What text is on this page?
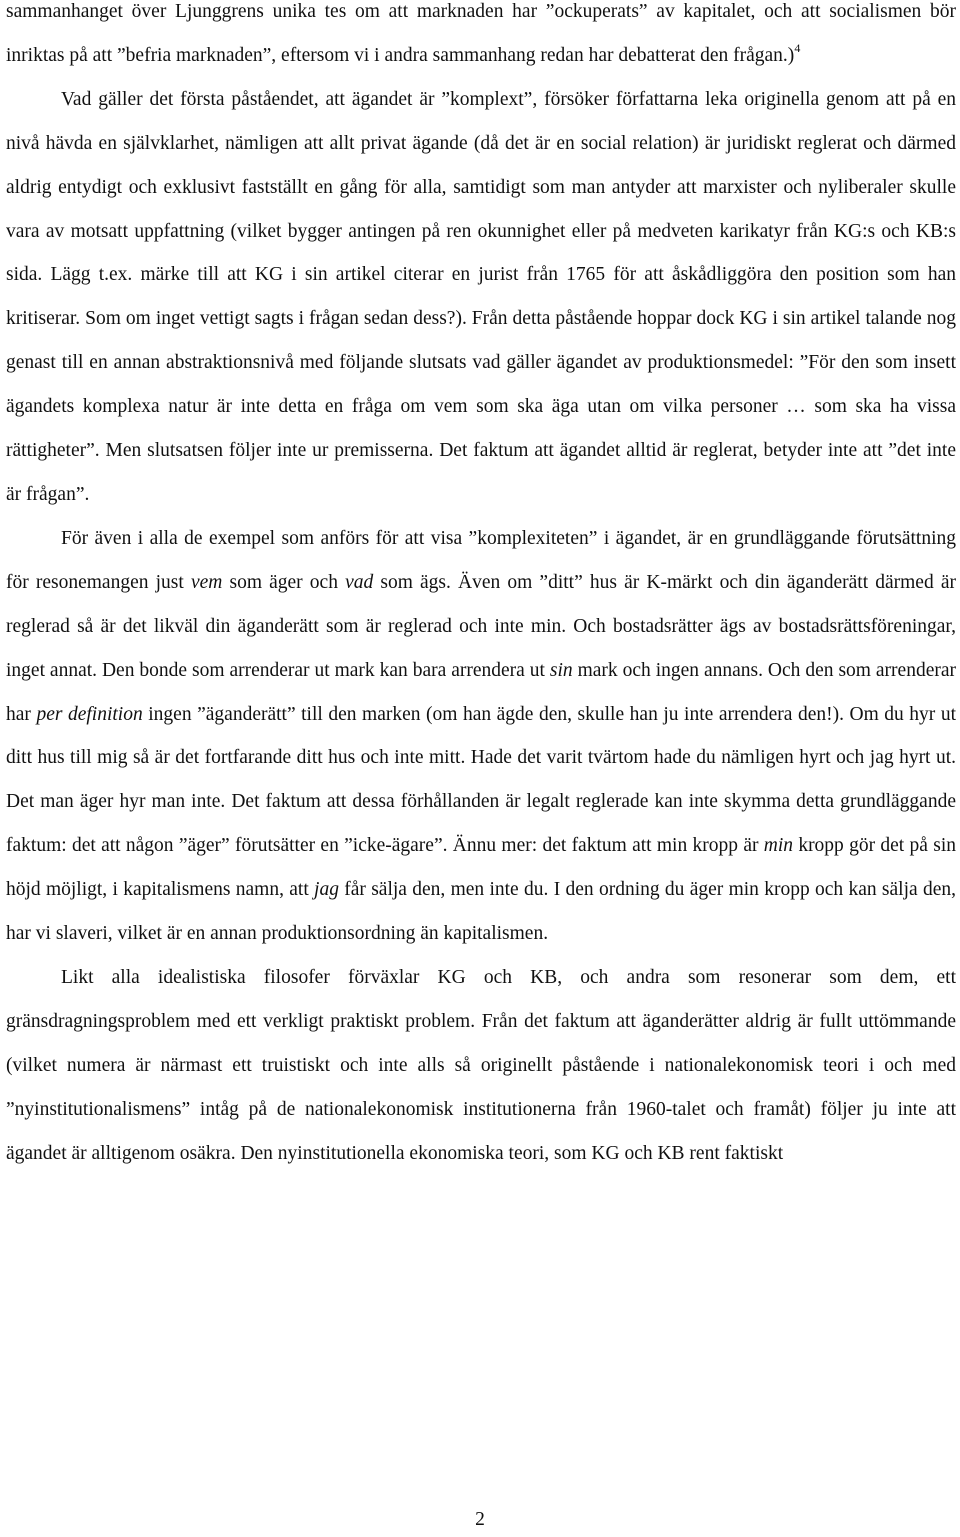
sammanhanget över Ljunggrens unika tes om att marknaden har ”ockuperats” av kapitalet, och att socialismen bör inriktas på att ”befria marknaden”, eftersom vi i andra sammanhang redan har debatterat den frågan.)$^4$

Vad gäller det första påståendet, att ägandet är ”komplext”, försöker författarna leka originella genom att på en nivå hävda en självklarhet, nämligen att allt privat ägande (då det är en social relation) är juridiskt reglerat och därmed aldrig entydigt och exklusivt fastställt en gång för alla, samtidigt som man antyder att marxister och nyliberaler skulle vara av motsatt uppfattning (vilket bygger antingen på ren okunnighet eller på medveten karikatyr från KG:s och KB:s sida. Lägg t.ex. märke till att KG i sin artikel citerar en jurist från 1765 för att åskådliggöra den position som han kritiserar. Som om inget vettigt sagts i frågan sedan dess?). Från detta påstående hoppar dock KG i sin artikel talande nog genast till en annan abstraktionsnivå med följande slutsats vad gäller ägandet av produktionsmedel: ”För den som insett ägandets komplexa natur är inte detta en fråga om vem som ska äga utan om vilka personer … som ska ha vissa rättigheter”. Men slutsatsen följer inte ur premisserna. Det faktum att ägandet alltid är reglerat, betyder inte att ”det inte är frågan”.

För även i alla de exempel som anförs för att visa ”komplexiteten” i ägandet, är en grundläggande förutsättning för resonemangen just vem som äger och vad som ägs. Även om ”ditt” hus är K-märkt och din äganderätt därmed är reglerad så är det likväl din äganderätt som är reglerad och inte min. Och bostadsrätter ägs av bostadsrättsföreningar, inget annat. Den bonde som arrenderar ut mark kan bara arrendera ut sin mark och ingen annans. Och den som arrenderar har per definition ingen ”äganderätt” till den marken (om han ägde den, skulle han ju inte arrendera den!). Om du hyr ut ditt hus till mig så är det fortfarande ditt hus och inte mitt. Hade det varit tvärtom hade du nämligen hyrt och jag hyrt ut. Det man äger hyr man inte. Det faktum att dessa förhållanden är legalt reglerade kan inte skymma detta grundläggande faktum: det att någon ”äger” förutsätter en ”icke-ägare”. Ännu mer: det faktum att min kropp är min kropp gör det på sin höjd möjligt, i kapitalismens namn, att jag får sälja den, men inte du. I den ordning du äger min kropp och kan sälja den, har vi slaveri, vilket är en annan produktionsordning än kapitalismen.

Likt alla idealistiska filosofer förväxlar KG och KB, och andra som resonerar som dem, ett gränsdragningsproblem med ett verkligt praktiskt problem. Från det faktum att äganderätter aldrig är fullt uttömmande (vilket numera är närmast ett truistiskt och inte alls så originellt påstående i nationalekonomisk teori i och med ”nyinstitutionalismens” intåg på de nationalekonomisk institutionerna från 1960-talet och framåt) följer ju inte att ägandet är alltigenom osäkra. Den nyinstitutionella ekonomiska teori, som KG och KB rent faktiskt

2
